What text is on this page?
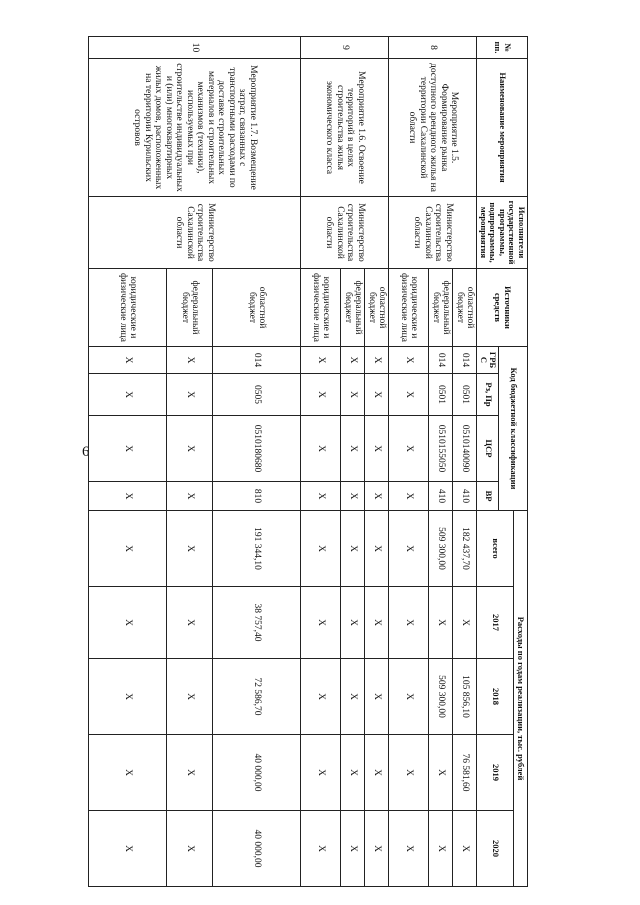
6
№ пп.	Наименование мероприятия	Исполнители государственной программы, подпрограммы, мероприятия	Источники средств	Код бюджетной классификации				Расходы по годам реализации, тыс. рублей				
								всего	2017	2018	2019	2020
				ГРБС	Рз, Пр	ЦСР	ВР					
8	Мероприятие 1.5. Формирование рынка доступного арендного жилья на территории Сахалинской области	Министерство строительства Сахалинской области	областной бюджет	014	0501	0510140090	410	182 437,70	Х	105 856,10	76 581,60	Х
			федеральный бюджет	014	0501	0510155050	410	509 300,00	Х	509 300,00	Х	Х
			юридические и физические лица	Х	Х	Х	Х	Х	Х	Х	Х	Х
9	Мероприятие 1.6. Освоение территорий в целях строительства жилья экономического класса	Министерство строительства Сахалинской области	областной бюджет	Х	Х	Х	Х	Х	Х	Х	Х	Х
			федеральный бюджет	Х	Х	Х	Х	Х	Х	Х	Х	Х
			юридические и физические лица	Х	Х	Х	Х	Х	Х	Х	Х	Х
10	Мероприятие 1.7. Возмещение затрат, связанных с транспортными расходами по доставке строительных материалов и строительных механизмов (техники), используемых при строительстве индивидуальных и (или) многоквартирных жилых домов, расположенных на территории Курильских островов	Министерство строительства Сахалинской области	областной бюджет	014	0505	0510180680	810	191 344,10	38 757,40	72 586,70	40 000,00	40 000,00
			федеральный бюджет	Х	Х	Х	Х	Х	Х	Х	Х	Х
			юридические и физические лица	Х	Х	Х	Х	Х	Х	Х	Х	Х
